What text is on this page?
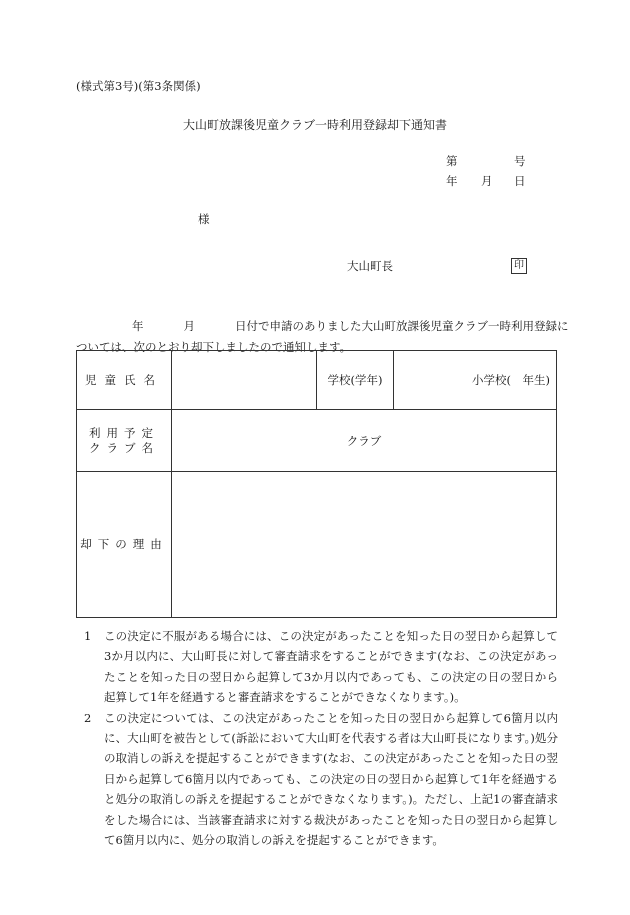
(様式第3号)(第3条関係)
大山町放課後児童クラブ一時利用登録却下通知書
第	号
年 月 日
様
大山町長	印
年	月	日付で申請のありました大山町放課後児童クラブ一時利用登録に
ついては、次のとおり却下しましたので通知します。
児童氏名		学校(学年)	小学校(　年生)

利用予定
クラブ名	クラブ		
却下の理由			
1	この決定に不服がある場合には、この決定があったことを知った日の翌日から起算して3か月以内に、大山町長に対して審査請求をすることができます(なお、この決定があったことを知った日の翌日から起算して3か月以内であっても、この決定の日の翌日から起算して1年を経過すると審査請求をすることができなくなります。)。
2	この決定については、この決定があったことを知った日の翌日から起算して6箇月以内に、大山町を被告として(訴訟において大山町を代表する者は大山町長になります。)処分の取消しの訴えを提起することができます(なお、この決定があったことを知った日の翌日から起算して6箇月以内であっても、この決定の日の翌日から起算して1年を経過すると処分の取消しの訴えを提起することができなくなります。)。ただし、上記1の審査請求をした場合には、当該審査請求に対する裁決があったことを知った日の翌日から起算して6箇月以内に、処分の取消しの訴えを提起することができます。
